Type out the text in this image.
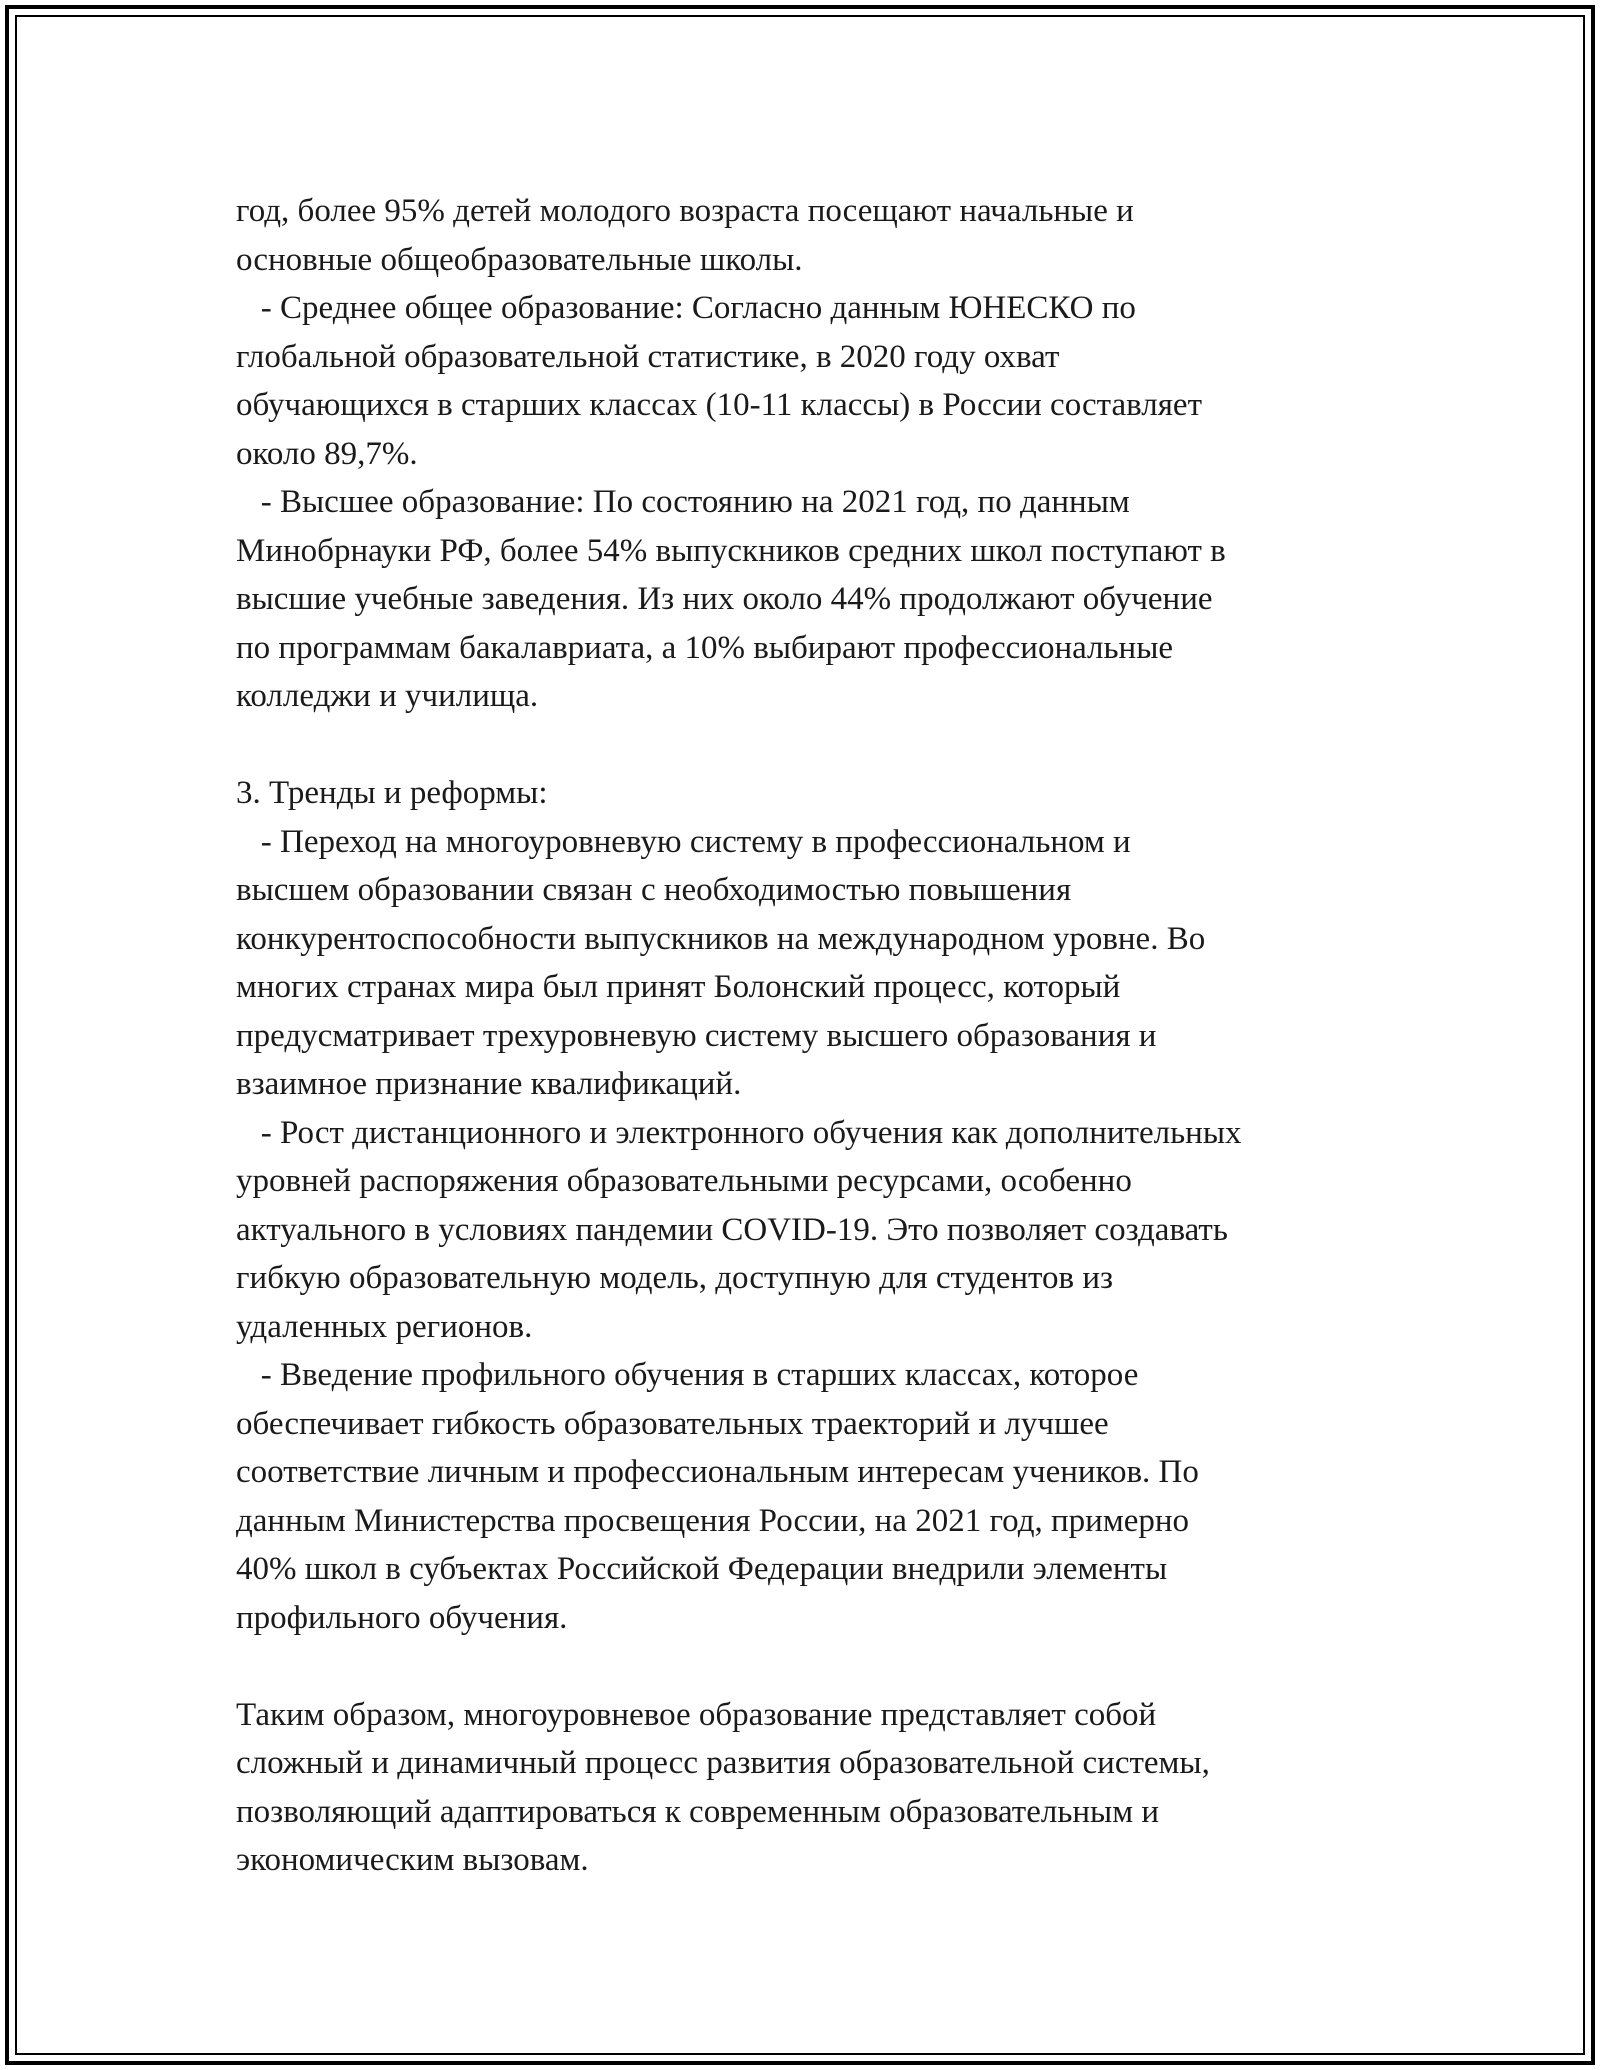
год, более 95% детей молодого возраста посещают начальные и
основные общеобразовательные школы.
- Среднее общее образование: Согласно данным ЮНЕСКО по
глобальной образовательной статистике, в 2020 году охват
обучающихся в старших классах (10-11 классы) в России составляет
около 89,7%.
- Высшее образование: По состоянию на 2021 год, по данным
Минобрнауки РФ, более 54% выпускников средних школ поступают в
высшие учебные заведения. Из них около 44% продолжают обучение
по программам бакалавриата, а 10% выбирают профессиональные
колледжи и училища.
3. Тренды и реформы:
- Переход на многоуровневую систему в профессиональном и
высшем образовании связан с необходимостью повышения
конкурентоспособности выпускников на международном уровне. Во
многих странах мира был принят Болонский процесс, который
предусматривает трехуровневую систему высшего образования и
взаимное признание квалификаций.
- Рост дистанционного и электронного обучения как дополнительных
уровней распоряжения образовательными ресурсами, особенно
актуального в условиях пандемии COVID-19. Это позволяет создавать
гибкую образовательную модель, доступную для студентов из
удаленных регионов.
- Введение профильного обучения в старших классах, которое
обеспечивает гибкость образовательных траекторий и лучшее
соответствие личным и профессиональным интересам учеников. По
данным Министерства просвещения России, на 2021 год, примерно
40% школ в субъектах Российской Федерации внедрили элементы
профильного обучения.
Таким образом, многоуровневое образование представляет собой
сложный и динамичный процесс развития образовательной системы,
позволяющий адаптироваться к современным образовательным и
экономическим вызовам.
